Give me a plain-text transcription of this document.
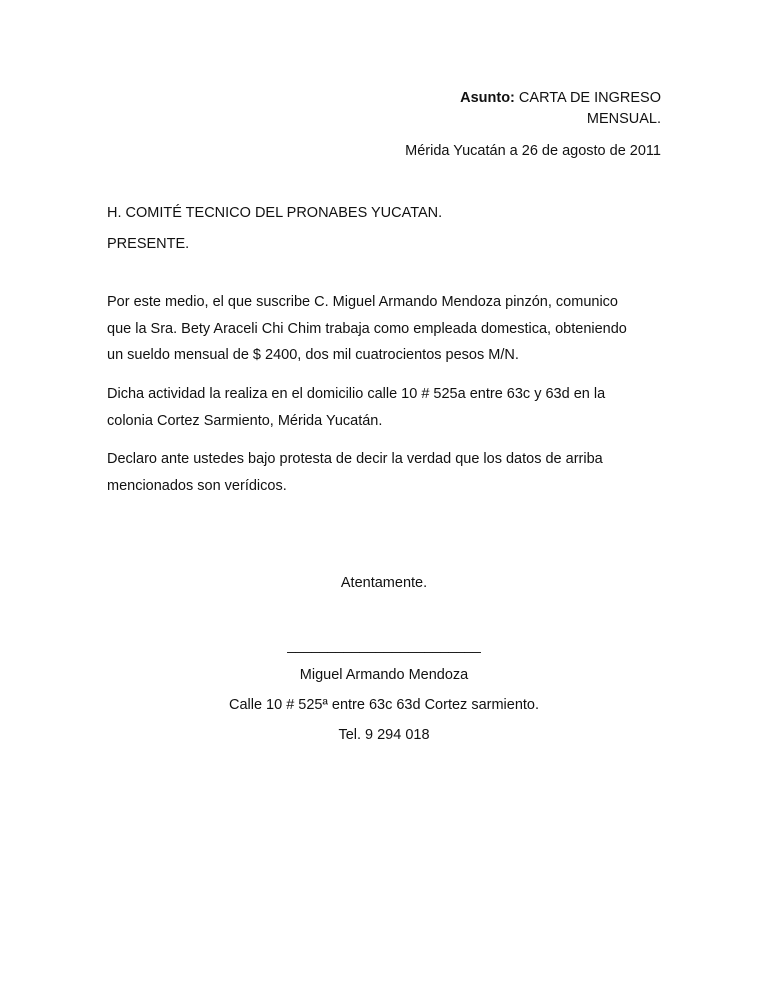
Asunto: CARTA DE INGRESO
MENSUAL.
Mérida Yucatán a 26 de agosto de 2011
H. COMITÉ TECNICO DEL PRONABES YUCATAN.
PRESENTE.

Por este medio, el que suscribe C. Miguel Armando Mendoza pinzón, comunico
que la Sra. Bety Araceli Chi Chim trabaja como empleada domestica, obteniendo
un sueldo mensual de $ 2400, dos mil cuatrocientos pesos M/N.

Dicha actividad la realiza en el domicilio calle 10 # 525a entre 63c y 63d en la
colonia Cortez Sarmiento, Mérida Yucatán.

Declaro ante ustedes bajo protesta de decir la verdad que los datos de arriba
mencionados son verídicos.

Atentamente.
________________________
Miguel Armando Mendoza
Calle 10 # 525ª entre 63c 63d Cortez sarmiento.
Tel. 9 294 018
